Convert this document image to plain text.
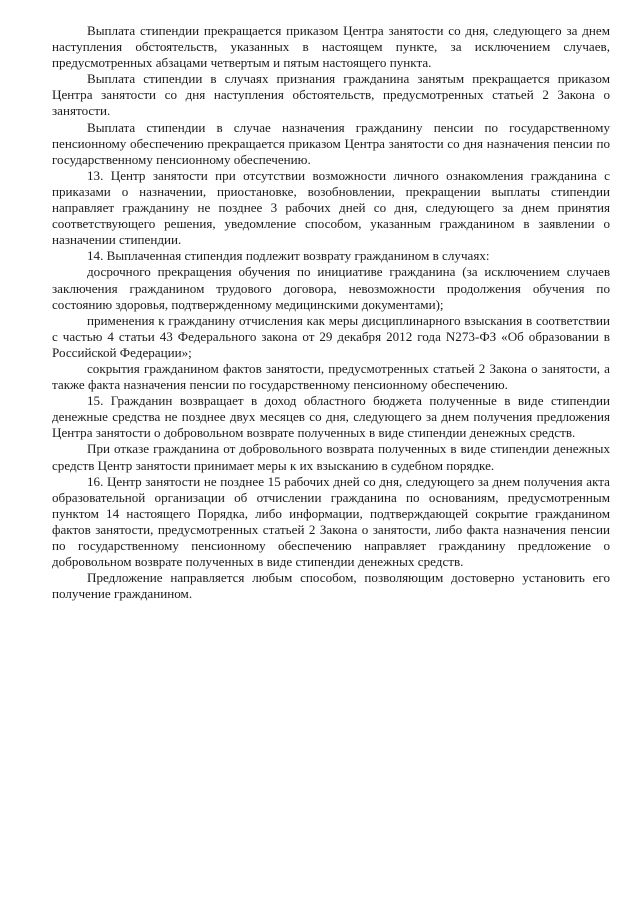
Выплата стипендии прекращается приказом Центра занятости со дня, следующего за днем наступления обстоятельств, указанных в настоящем пункте, за исключением случаев, предусмотренных абзацами четвертым и пятым настоящего пункта.

Выплата стипендии в случаях признания гражданина занятым прекращается приказом Центра занятости со дня наступления обстоятельств, предусмотренных статьей 2 Закона о занятости.

Выплата стипендии в случае назначения гражданину пенсии по государственному пенсионному обеспечению прекращается приказом Центра занятости со дня назначения пенсии по государственному пенсионному обеспечению.

13. Центр занятости при отсутствии возможности личного ознакомления гражданина с приказами о назначении, приостановке, возобновлении, прекращении выплаты стипендии направляет гражданину не позднее 3 рабочих дней со дня, следующего за днем принятия соответствующего решения, уведомление способом, указанным гражданином в заявлении о назначении стипендии.

14. Выплаченная стипендия подлежит возврату гражданином в случаях:

досрочного прекращения обучения по инициативе гражданина (за исключением случаев заключения гражданином трудового договора, невозможности продолжения обучения по состоянию здоровья, подтвержденному медицинскими документами);

применения к гражданину отчисления как меры дисциплинарного взыскания в соответствии с частью 4 статьи 43 Федерального закона от 29 декабря 2012 года N273-ФЗ «Об образовании в Российской Федерации»;

сокрытия гражданином фактов занятости, предусмотренных статьей 2 Закона о занятости, а также факта назначения пенсии по государственному пенсионному обеспечению.

15. Гражданин возвращает в доход областного бюджета полученные в виде стипендии денежные средства не позднее двух месяцев со дня, следующего за днем получения предложения Центра занятости о добровольном возврате полученных в виде стипендии денежных средств.

При отказе гражданина от добровольного возврата полученных в виде стипендии денежных средств Центр занятости принимает меры к их взысканию в судебном порядке.

16. Центр занятости не позднее 15 рабочих дней со дня, следующего за днем получения акта образовательной организации об отчислении гражданина по основаниям, предусмотренным пунктом 14 настоящего Порядка, либо информации, подтверждающей сокрытие гражданином фактов занятости, предусмотренных статьей 2 Закона о занятости, либо факта назначения пенсии по государственному пенсионному обеспечению направляет гражданину предложение о добровольном возврате полученных в виде стипендии денежных средств.

Предложение направляется любым способом, позволяющим достоверно установить его получение гражданином.
